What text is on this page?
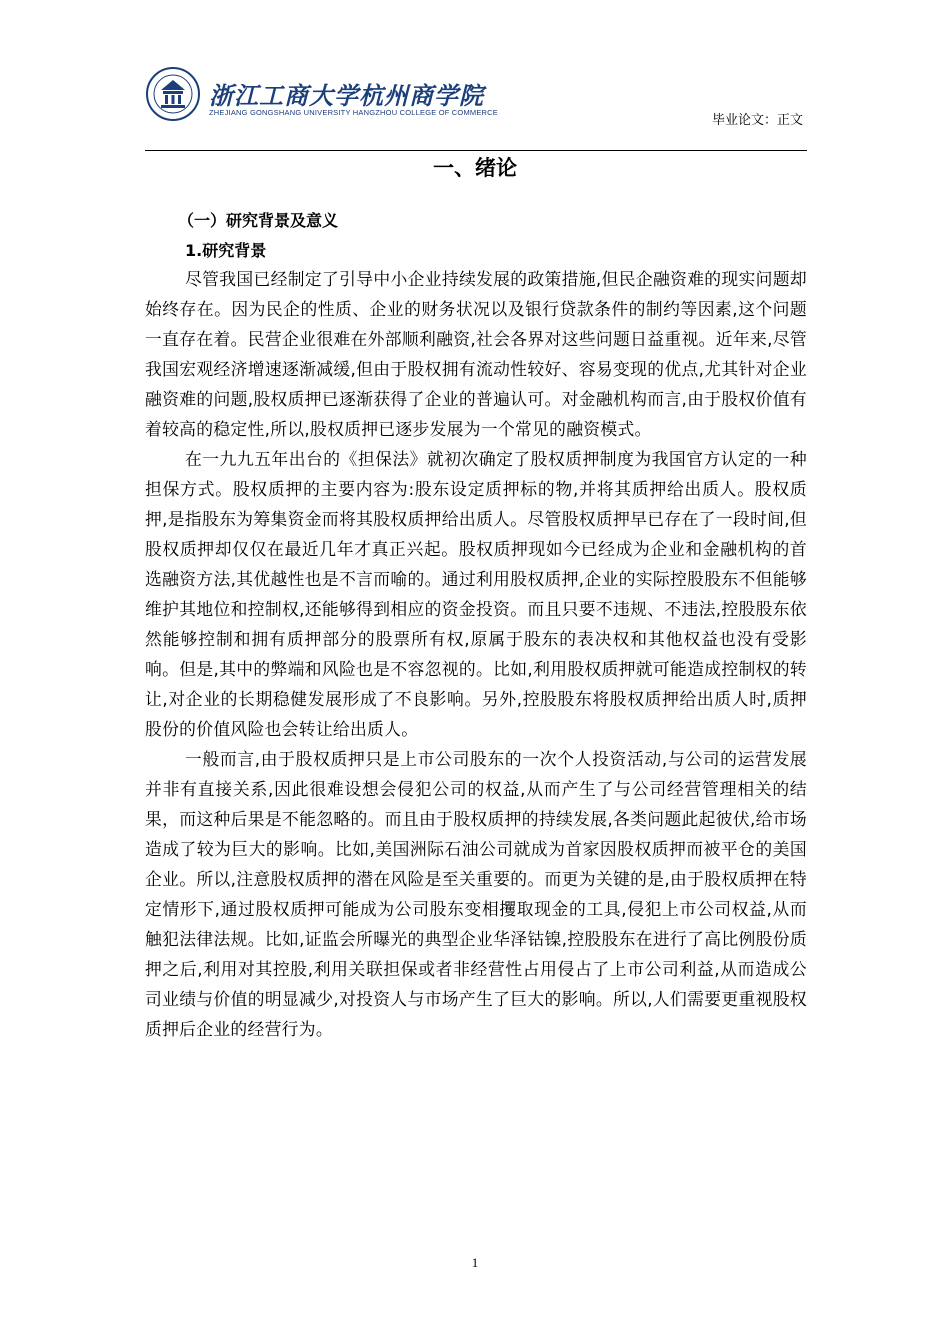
浙江工商大学杭州商学院
ZHEJIANG GONGSHANG UNIVERSITY HANGZHOU COLLEGE OF COMMERCE
毕业论文：正文
一、绪论
（一）研究背景及意义
1.研究背景

尽管我国已经制定了引导中小企业持续发展的政策措施,但民企融资难的现实问题却始终存在。因为民企的性质、企业的财务状况以及银行贷款条件的制约等因素,这个问题一直存在着。民营企业很难在外部顺利融资,社会各界对这些问题日益重视。近年来,尽管我国宏观经济增速逐渐减缓,但由于股权拥有流动性较好、容易变现的优点,尤其针对企业融资难的问题,股权质押已逐渐获得了企业的普遍认可。对金融机构而言,由于股权价值有着较高的稳定性,所以,股权质押已逐步发展为一个常见的融资模式。

在一九九五年出台的《担保法》就初次确定了股权质押制度为我国官方认定的一种担保方式。股权质押的主要内容为:股东设定质押标的物,并将其质押给出质人。股权质押,是指股东为筹集资金而将其股权质押给出质人。尽管股权质押早已存在了一段时间,但股权质押却仅仅在最近几年才真正兴起。股权质押现如今已经成为企业和金融机构的首选融资方法,其优越性也是不言而喻的。通过利用股权质押,企业的实际控股股东不但能够维护其地位和控制权,还能够得到相应的资金投资。而且只要不违规、不违法,控股股东依然能够控制和拥有质押部分的股票所有权,原属于股东的表决权和其他权益也没有受影响。但是,其中的弊端和风险也是不容忽视的。比如,利用股权质押就可能造成控制权的转让,对企业的长期稳健发展形成了不良影响。另外,控股股东将股权质押给出质人时,质押股份的价值风险也会转让给出质人。

一般而言,由于股权质押只是上市公司股东的一次个人投资活动,与公司的运营发展并非有直接关系,因此很难设想会侵犯公司的权益,从而产生了与公司经营管理相关的结果，而这种后果是不能忽略的。而且由于股权质押的持续发展,各类问题此起彼伏,给市场造成了较为巨大的影响。比如,美国洲际石油公司就成为首家因股权质押而被平仓的美国企业。所以,注意股权质押的潜在风险是至关重要的。而更为关键的是,由于股权质押在特定情形下,通过股权质押可能成为公司股东变相攫取现金的工具,侵犯上市公司权益,从而触犯法律法规。比如,证监会所曝光的典型企业华泽钴镍,控股股东在进行了高比例股份质押之后,利用对其控股,利用关联担保或者非经营性占用侵占了上市公司利益,从而造成公司业绩与价值的明显减少,对投资人与市场产生了巨大的影响。所以,人们需要更重视股权质押后企业的经营行为。

1
